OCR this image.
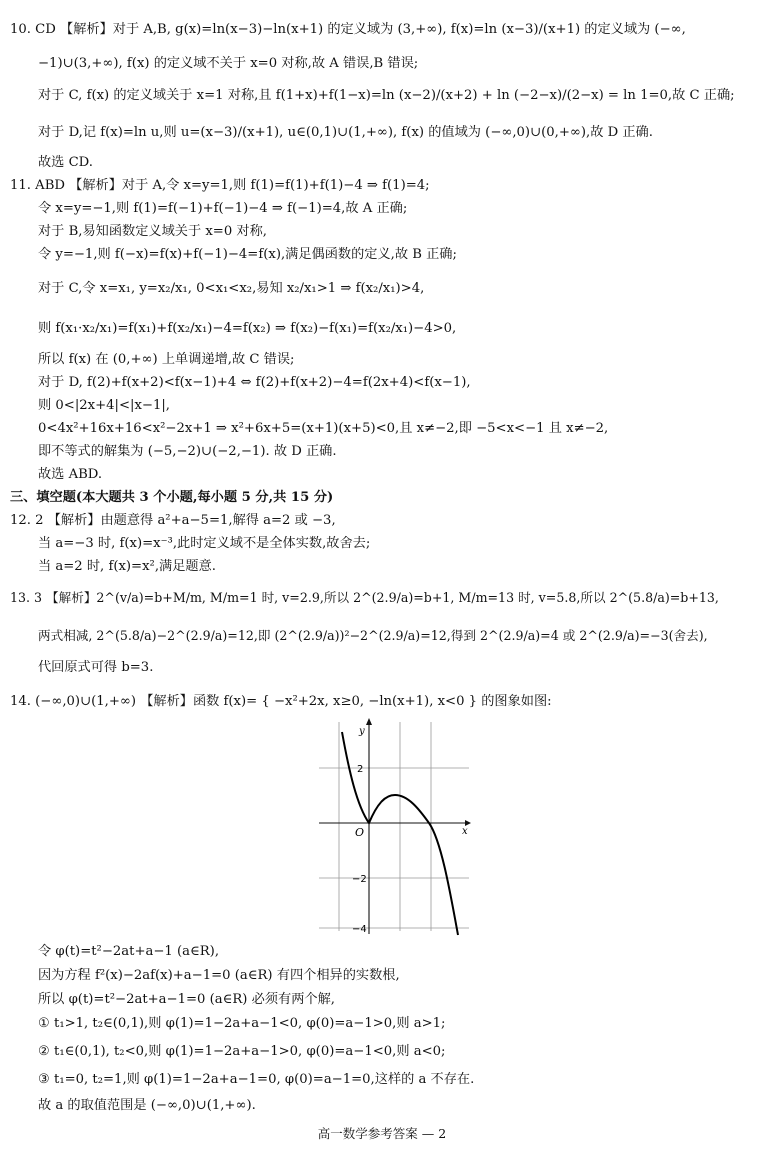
10. CD 【解析】对于 A,B, g(x)=ln(x−3)−ln(x+1) 的定义域为 (3,+∞), f(x)=ln (x−3)/(x+1) 的定义域为 (−∞,
−1)∪(3,+∞), f(x) 的定义域不关于 x=0 对称,故 A 错误,B 错误;
对于 C, f(x) 的定义域关于 x=1 对称,且 f(1+x)+f(1−x)=ln (x−2)/(x+2) + ln (−2−x)/(2−x) = ln 1=0,故 C 正确;
对于 D,记 f(x)=ln u,则 u=(x−3)/(x+1), u∈(0,1)∪(1,+∞), f(x) 的值域为 (−∞,0)∪(0,+∞),故 D 正确.
故选 CD.
11. ABD 【解析】对于 A,令 x=y=1,则 f(1)=f(1)+f(1)−4 ⇒ f(1)=4;
令 x=y=−1,则 f(1)=f(−1)+f(−1)−4 ⇒ f(−1)=4,故 A 正确;
对于 B,易知函数定义域关于 x=0 对称,
令 y=−1,则 f(−x)=f(x)+f(−1)−4=f(x),满足偶函数的定义,故 B 正确;
对于 C,令 x=x₁, y=x₂/x₁, 0<x₁<x₂,易知 x₂/x₁>1 ⇒ f(x₂/x₁)>4,
则 f(x₁·x₂/x₁)=f(x₁)+f(x₂/x₁)−4=f(x₂) ⇒ f(x₂)−f(x₁)=f(x₂/x₁)−4>0,
所以 f(x) 在 (0,+∞) 上单调递增,故 C 错误;
对于 D, f(2)+f(x+2)<f(x−1)+4 ⇔ f(2)+f(x+2)−4=f(2x+4)<f(x−1),
则 0<|2x+4|<|x−1|,
0<4x²+16x+16<x²−2x+1 ⇒ x²+6x+5=(x+1)(x+5)<0,且 x≠−2,即 −5<x<−1 且 x≠−2,
即不等式的解集为 (−5,−2)∪(−2,−1). 故 D 正确.
故选 ABD.
三、填空题(本大题共 3 个小题,每小题 5 分,共 15 分)
12. 2 【解析】由题意得 a²+a−5=1,解得 a=2 或 −3,
当 a=−3 时, f(x)=x⁻³,此时定义域不是全体实数,故舍去;
当 a=2 时, f(x)=x²,满足题意.
13. 3 【解析】2^(v/a)=b+M/m, M/m=1 时, v=2.9,所以 2^(2.9/a)=b+1, M/m=13 时, v=5.8,所以 2^(5.8/a)=b+13,
两式相减, 2^(5.8/a)−2^(2.9/a)=12,即 (2^(2.9/a))²−2^(2.9/a)=12,得到 2^(2.9/a)=4 或 2^(2.9/a)=−3(舍去),
代回原式可得 b=3.
14. (−∞,0)∪(1,+∞) 【解析】函数 f(x)= { −x²+2x, x≥0, −ln(x+1), x<0 } 的图象如图:
y
x
O
2
−2
−4
令 φ(t)=t²−2at+a−1 (a∈R),
因为方程 f²(x)−2af(x)+a−1=0 (a∈R) 有四个相异的实数根,
所以 φ(t)=t²−2at+a−1=0 (a∈R) 必须有两个解,
① t₁>1, t₂∈(0,1),则 φ(1)=1−2a+a−1<0, φ(0)=a−1>0,则 a>1;
② t₁∈(0,1), t₂<0,则 φ(1)=1−2a+a−1>0, φ(0)=a−1<0,则 a<0;
③ t₁=0, t₂=1,则 φ(1)=1−2a+a−1=0, φ(0)=a−1=0,这样的 a 不存在.
故 a 的取值范围是 (−∞,0)∪(1,+∞).
高一数学参考答案 — 2
